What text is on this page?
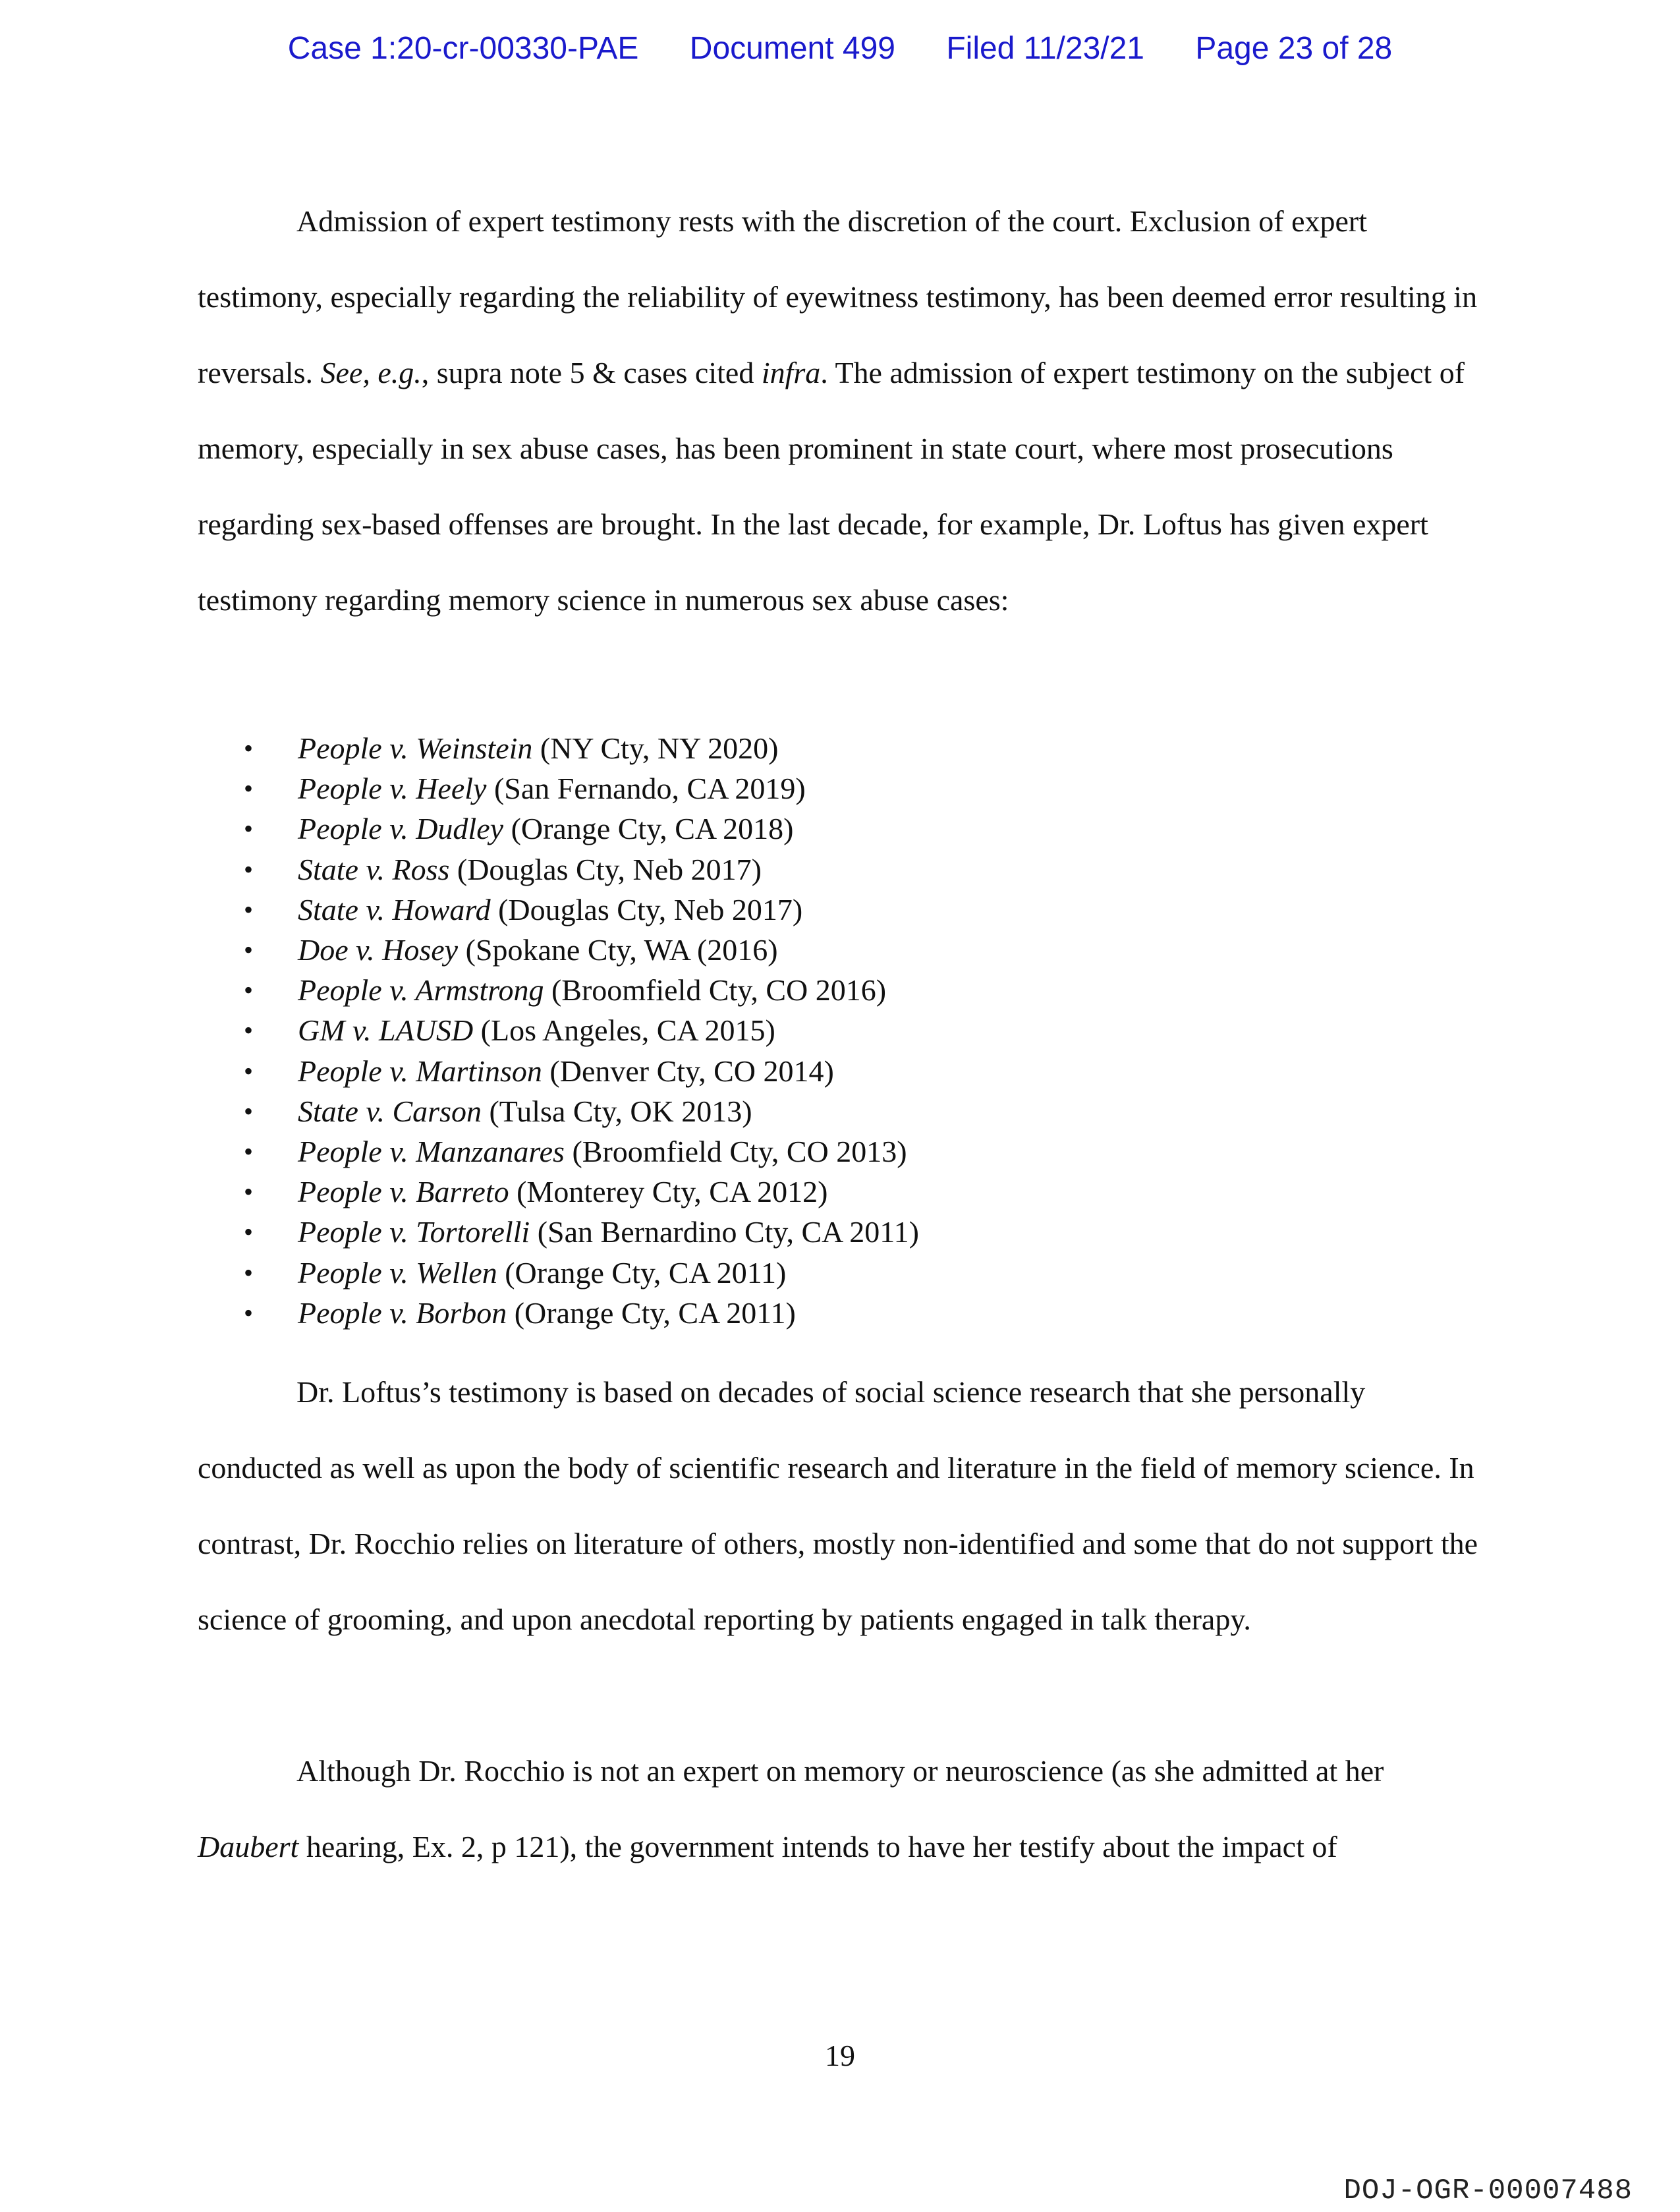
Case 1:20-cr-00330-PAE Document 499 Filed 11/23/21 Page 23 of 28

Admission of expert testimony rests with the discretion of the court. Exclusion of expert testimony, especially regarding the reliability of eyewitness testimony, has been deemed error resulting in reversals. See, e.g., supra note 5 & cases cited infra. The admission of expert testimony on the subject of memory, especially in sex abuse cases, has been prominent in state court, where most prosecutions regarding sex-based offenses are brought. In the last decade, for example, Dr. Loftus has given expert testimony regarding memory science in numerous sex abuse cases:

• People v. Weinstein (NY Cty, NY 2020)
• People v. Heely (San Fernando, CA 2019)
• People v. Dudley (Orange Cty, CA 2018)
• State v. Ross (Douglas Cty, Neb 2017)
• State v. Howard (Douglas Cty, Neb 2017)
• Doe v. Hosey (Spokane Cty, WA (2016)
• People v. Armstrong (Broomfield Cty, CO 2016)
• GM v. LAUSD (Los Angeles, CA 2015)
• People v. Martinson (Denver Cty, CO 2014)
• State v. Carson (Tulsa Cty, OK 2013)
• People v. Manzanares (Broomfield Cty, CO 2013)
• People v. Barreto (Monterey Cty, CA 2012)
• People v. Tortorelli (San Bernardino Cty, CA 2011)
• People v. Wellen (Orange Cty, CA 2011)
• People v. Borbon (Orange Cty, CA 2011)

Dr. Loftus’s testimony is based on decades of social science research that she personally conducted as well as upon the body of scientific research and literature in the field of memory science. In contrast, Dr. Rocchio relies on literature of others, mostly non-identified and some that do not support the science of grooming, and upon anecdotal reporting by patients engaged in talk therapy.

Although Dr. Rocchio is not an expert on memory or neuroscience (as she admitted at her Daubert hearing, Ex. 2, p 121), the government intends to have her testify about the impact of

19
DOJ-OGR-00007488
